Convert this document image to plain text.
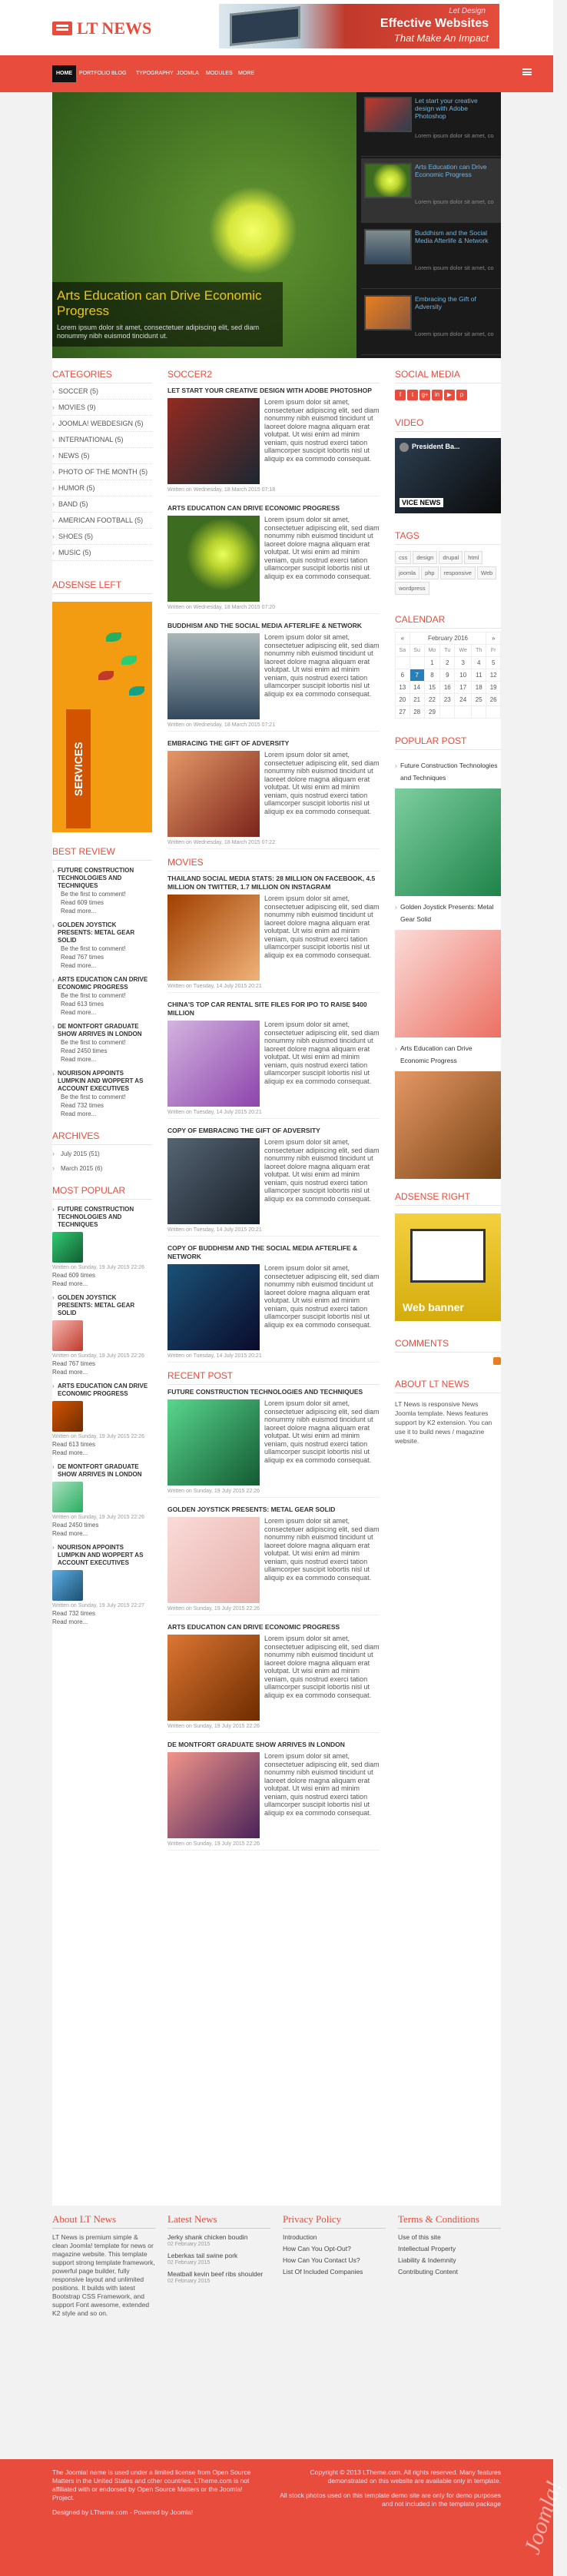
LT NEWS
Let Design
Effective Websites
That Make An Impact
HOME	PORTFOLIO BLOG	TYPOGRAPHY JOOMLA	MODULES	MORE
Arts Education can Drive Economic Progress
Lorem ipsum dolor sit amet, consectetuer adipiscing elit, sed diam nonummy nibh euismod tincidunt ut.
Let start your creative design with Adobe Photoshop
Lorem ipsum dolor sit amet, co
Arts Education can Drive Economic Progress
Lorem ipsum dolor sit amet, co
Buddhism and the Social Media Afterlife & Network
Lorem ipsum dolor sit amet, co
Embracing the Gift of Adversity
Lorem ipsum dolor sit amet, co
CATEGORIES
› SOCCER (5)
› MOVIES (9)
› JOOMLA! WEBDESIGN (5)
› INTERNATIONAL (5)
› NEWS (5)
› PHOTO OF THE MONTH (5)
› HUMOR (5)
› BAND (5)
› AMERICAN FOOTBALL (5)
› SHOES (5)
› MUSIC (5)
ADSENSE LEFT
SERVICES
BEST REVIEW
› FUTURE CONSTRUCTION TECHNOLOGIES AND TECHNIQUES
Be the first to comment!
Read 609 times
Read more...
› GOLDEN JOYSTICK PRESENTS: METAL GEAR SOLID
Be the first to comment!
Read 767 times
Read more...
› ARTS EDUCATION CAN DRIVE ECONOMIC PROGRESS
Be the first to comment!
Read 613 times
Read more...
› DE MONTFORT GRADUATE SHOW ARRIVES IN LONDON
Be the first to comment!
Read 2450 times
Read more...
› NOURISON APPOINTS LUMPKIN AND WOPPERT AS ACCOUNT EXECUTIVES
Be the first to comment!
Read 732 times
Read more...
ARCHIVES
› July 2015 (51)
› March 2015 (6)
MOST POPULAR
› FUTURE CONSTRUCTION TECHNOLOGIES AND TECHNIQUES
Written on Sunday, 19 July 2015 22:26
Read 609 times
Read more...
› GOLDEN JOYSTICK PRESENTS: METAL GEAR SOLID
Written on Sunday, 19 July 2015 22:26
Read 767 times
Read more...
› ARTS EDUCATION CAN DRIVE ECONOMIC PROGRESS
Written on Sunday, 19 July 2015 22:26
Read 613 times
Read more...
› DE MONTFORT GRADUATE SHOW ARRIVES IN LONDON
Written on Sunday, 19 July 2015 22:26
Read 2450 times
Read more...
› NOURISON APPOINTS LUMPKIN AND WOPPERT AS ACCOUNT EXECUTIVES
Written on Sunday, 19 July 2015 22:27
Read 732 times
Read more...
SOCCER2
LET START YOUR CREATIVE DESIGN WITH ADOBE PHOTOSHOP
Lorem ipsum dolor sit amet, consectetuer adipiscing elit, sed diam nonummy nibh euismod tincidunt ut laoreet dolore magna aliquam erat volutpat. Ut wisi enim ad minim veniam, quis nostrud exerci tation ullamcorper suscipit lobortis nisl ut aliquip ex ea commodo consequat.
Written on Wednesday, 18 March 2015 07:18
ARTS EDUCATION CAN DRIVE ECONOMIC PROGRESS
Lorem ipsum dolor sit amet, consectetuer adipiscing elit, sed diam nonummy nibh euismod tincidunt ut laoreet dolore magna aliquam erat volutpat. Ut wisi enim ad minim veniam, quis nostrud exerci tation ullamcorper suscipit lobortis nisl ut aliquip ex ea commodo consequat.
Written on Wednesday, 18 March 2015 07:20
BUDDHISM AND THE SOCIAL MEDIA AFTERLIFE & NETWORK
Lorem ipsum dolor sit amet, consectetuer adipiscing elit, sed diam nonummy nibh euismod tincidunt ut laoreet dolore magna aliquam erat volutpat. Ut wisi enim ad minim veniam, quis nostrud exerci tation ullamcorper suscipit lobortis nisl ut aliquip ex ea commodo consequat.
Written on Wednesday, 18 March 2015 07:21
EMBRACING THE GIFT OF ADVERSITY
Lorem ipsum dolor sit amet, consectetuer adipiscing elit, sed diam nonummy nibh euismod tincidunt ut laoreet dolore magna aliquam erat volutpat. Ut wisi enim ad minim veniam, quis nostrud exerci tation ullamcorper suscipit lobortis nisl ut aliquip ex ea commodo consequat.
Written on Wednesday, 18 March 2015 07:22
MOVIES
THAILAND SOCIAL MEDIA STATS: 28 MILLION ON FACEBOOK, 4.5 MILLION ON TWITTER, 1.7 MILLION ON INSTAGRAM
Lorem ipsum dolor sit amet, consectetuer adipiscing elit, sed diam nonummy nibh euismod tincidunt ut laoreet dolore magna aliquam erat volutpat. Ut wisi enim ad minim veniam, quis nostrud exerci tation ullamcorper suscipit lobortis nisl ut aliquip ex ea commodo consequat.
Written on Tuesday, 14 July 2015 20:21
CHINA'S TOP CAR RENTAL SITE FILES FOR IPO TO RAISE $400 MILLION
Lorem ipsum dolor sit amet, consectetuer adipiscing elit, sed diam nonummy nibh euismod tincidunt ut laoreet dolore magna aliquam erat volutpat. Ut wisi enim ad minim veniam, quis nostrud exerci tation ullamcorper suscipit lobortis nisl ut aliquip ex ea commodo consequat.
Written on Tuesday, 14 July 2015 20:21
COPY OF EMBRACING THE GIFT OF ADVERSITY
Lorem ipsum dolor sit amet, consectetuer adipiscing elit, sed diam nonummy nibh euismod tincidunt ut laoreet dolore magna aliquam erat volutpat. Ut wisi enim ad minim veniam, quis nostrud exerci tation ullamcorper suscipit lobortis nisl ut aliquip ex ea commodo consequat.
Written on Tuesday, 14 July 2015 20:21
COPY OF BUDDHISM AND THE SOCIAL MEDIA AFTERLIFE & NETWORK
Lorem ipsum dolor sit amet, consectetuer adipiscing elit, sed diam nonummy nibh euismod tincidunt ut laoreet dolore magna aliquam erat volutpat. Ut wisi enim ad minim veniam, quis nostrud exerci tation ullamcorper suscipit lobortis nisl ut aliquip ex ea commodo consequat.
Written on Tuesday, 14 July 2015 20:21
RECENT POST
FUTURE CONSTRUCTION TECHNOLOGIES AND TECHNIQUES
Lorem ipsum dolor sit amet, consectetuer adipiscing elit, sed diam nonummy nibh euismod tincidunt ut laoreet dolore magna aliquam erat volutpat. Ut wisi enim ad minim veniam, quis nostrud exerci tation ullamcorper suscipit lobortis nisl ut aliquip ex ea commodo consequat.
Written on Sunday, 19 July 2015 22:26
GOLDEN JOYSTICK PRESENTS: METAL GEAR SOLID
Lorem ipsum dolor sit amet, consectetuer adipiscing elit, sed diam nonummy nibh euismod tincidunt ut laoreet dolore magna aliquam erat volutpat. Ut wisi enim ad minim veniam, quis nostrud exerci tation ullamcorper suscipit lobortis nisl ut aliquip ex ea commodo consequat.
Written on Sunday, 19 July 2015 22:26
ARTS EDUCATION CAN DRIVE ECONOMIC PROGRESS
Lorem ipsum dolor sit amet, consectetuer adipiscing elit, sed diam nonummy nibh euismod tincidunt ut laoreet dolore magna aliquam erat volutpat. Ut wisi enim ad minim veniam, quis nostrud exerci tation ullamcorper suscipit lobortis nisl ut aliquip ex ea commodo consequat.
Written on Sunday, 19 July 2015 22:26
DE MONTFORT GRADUATE SHOW ARRIVES IN LONDON
Lorem ipsum dolor sit amet, consectetuer adipiscing elit, sed diam nonummy nibh euismod tincidunt ut laoreet dolore magna aliquam erat volutpat. Ut wisi enim ad minim veniam, quis nostrud exerci tation ullamcorper suscipit lobortis nisl ut aliquip ex ea commodo consequat.
Written on Sunday, 19 July 2015 22:26
SOCIAL MEDIA
f t g+ in ▶ p
VIDEO
President Ba...
VICE NEWS
TAGS
css design drupal htmljoomla php responsive Webwordpress
CALENDAR
«	February 2016					»
Sa	Su	Mo	Tu	We	Th	Fr
		1	2	3	4	5
6	7	8	9	10	11	12
13	14	15	16	17	18	19
20	21	22	23	24	25	26
27	28	29				
POPULAR POST
› Future Construction Technologies and Techniques
› Golden Joystick Presents: Metal Gear Solid
› Arts Education can Drive Economic Progress
ADSENSE RIGHT
Web banner
COMMENTS
ABOUT LT NEWS
LT News is responsive News Joomla template. News features support by K2 extension. You can use it to build news / magazine website.
About LT News
LT News is premium simple & clean Joomla! template for news or magazine website. This template support strong template framework, powerful page builder, fully responsive layout and unlimited positions. It builds with latest Bootstrap CSS Framework, and support Font awesome, extended K2 style and so on.
Latest News
Jerky shank chicken boudin
02 February 2015
Leberkas tail swine pork
02 February 2015
Meatball kevin beef ribs shoulder
02 February 2015
Privacy Policy
Introduction
How Can You Opt-Out?
How Can You Contact Us?
List Of Included Companies
Terms & Conditions
Use of this site
Intellectual Property
Liability & Indemnity
Contributing Content
The Joomla! name is used under a limited license from Open Source Matters in the United States and other countries. LTheme.com is not affiliated with or endorsed by Open Source Matters or the Joomla! Project.
Designed by LTheme.com - Powered by Joomla!
Copyright © 2013 LTheme.com. All rights reserved. Many features demonstrated on this website are available only in template.
All stock photos used on this template demo site are only for demo purposes and not included in the template package Joomla!
